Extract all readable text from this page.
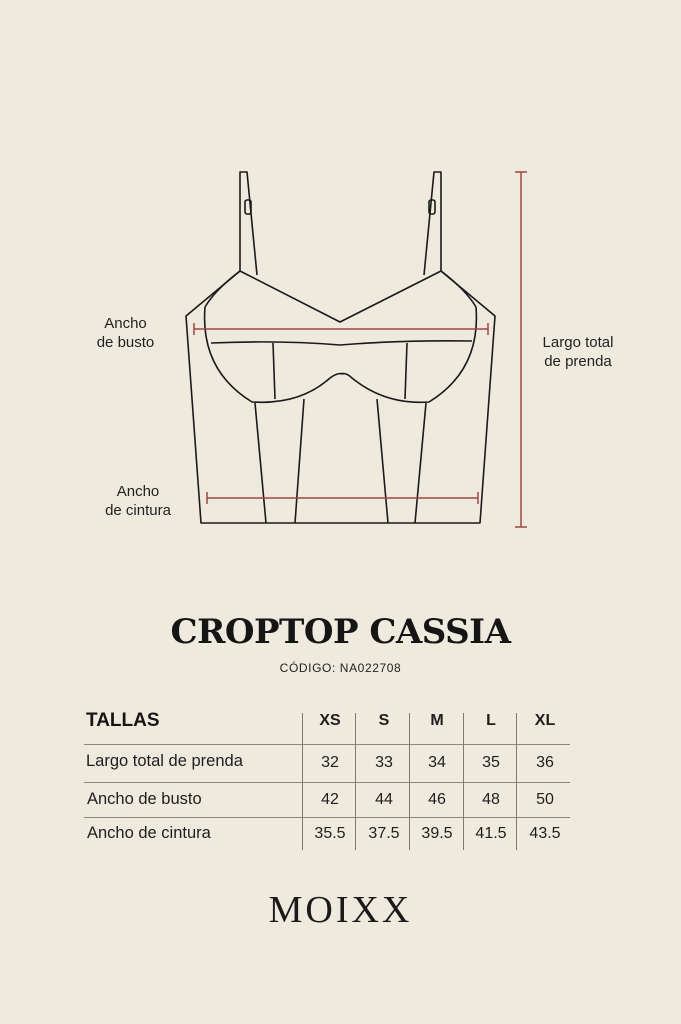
Ancho
de busto
Ancho
de cintura
Largo total
de prenda
CROPTOP CASSIA
CÓDIGO: NA022708
TALLAS	XS	S	M	L	XL
Largo total de prenda	32	33	34	35	36
Ancho de busto	42	44	46	48	50
Ancho de cintura	35.5	37.5	39.5	41.5	43.5
MOIXX
